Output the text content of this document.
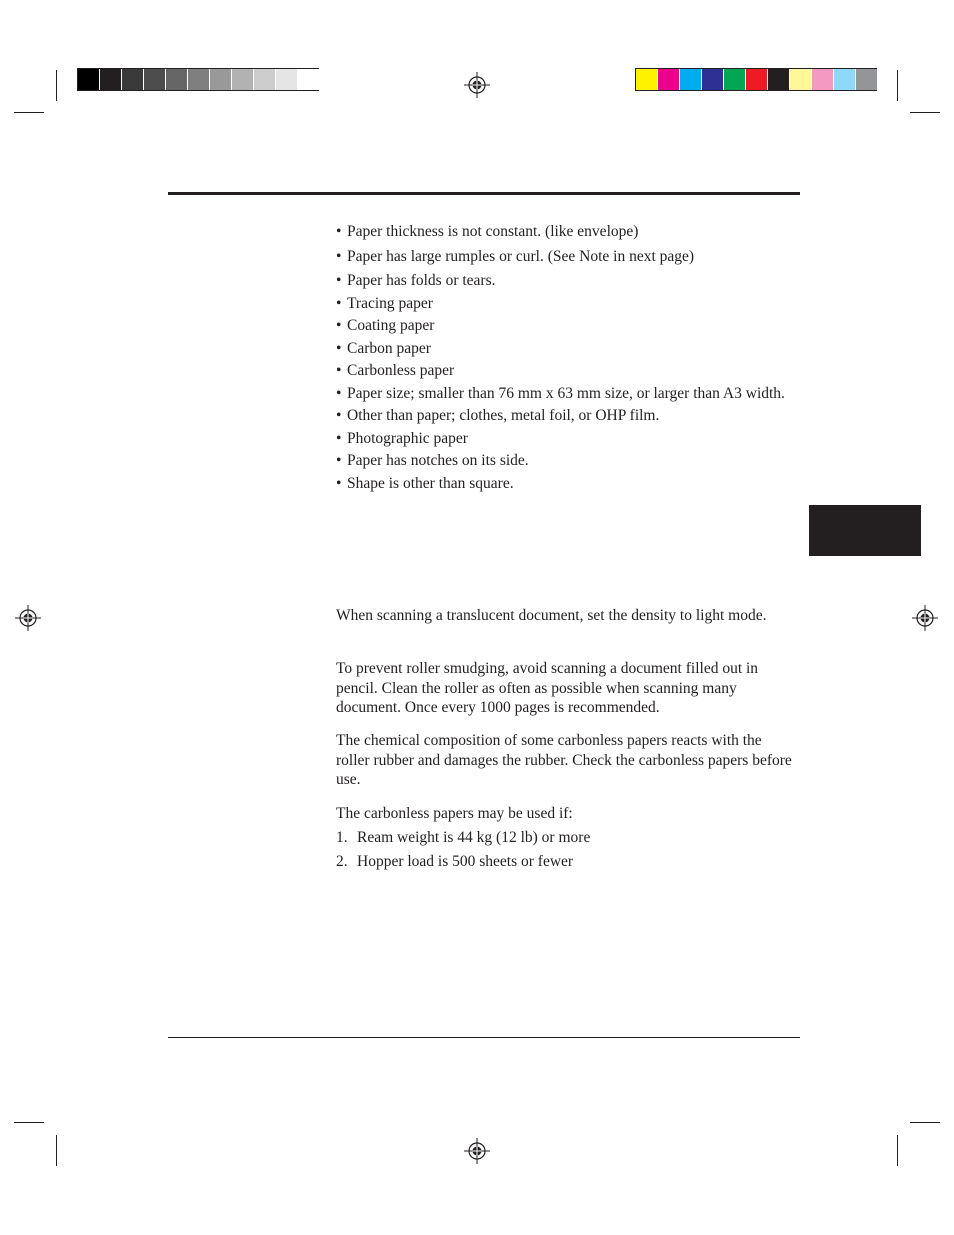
• Paper thickness is not constant. (like envelope)
• Paper has large rumples or curl. (See Note in next page)
• Paper has folds or tears.
• Tracing paper
• Coating paper
• Carbon paper
• Carbonless paper
• Paper size; smaller than 76 mm x 63 mm size, or larger than A3 width.
• Other than paper; clothes, metal foil, or OHP film.
• Photographic paper
• Paper has notches on its side.
• Shape is other than square.

When scanning a translucent document, set the density to light mode.

To prevent roller smudging, avoid scanning a document filled out in pencil. Clean the roller as often as possible when scanning many document. Once every 1000 pages is recommended.

The chemical composition of some carbonless papers reacts with the roller rubber and damages the rubber. Check the carbonless papers before use.

The carbonless papers may be used if:

1. Ream weight is 44 kg (12 lb) or more
2. Hopper load is 500 sheets or fewer
